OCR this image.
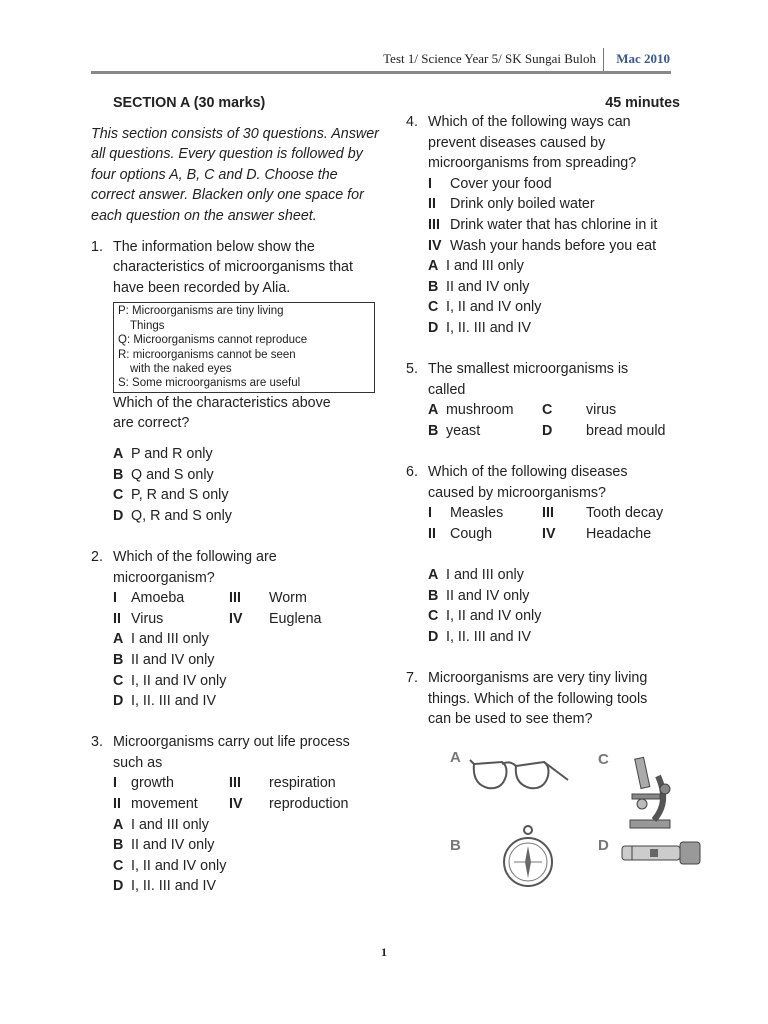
Test 1/ Science Year 5/ SK Sungai Buloh Mac 2010
SECTION A (30 marks)
This section consists of 30 questions. Answer all questions. Every question is followed by four options A, B, C and D. Choose the correct answer. Blacken only one space for each question on the answer sheet.
1. The information below show the characteristics of microorganisms that have been recorded by Alia.
P: Microorganisms are tiny living
Things
Q: Microorganisms cannot reproduce
R: microorganisms cannot be seen
with the naked eyes
S: Some microorganisms are useful
Which of the characteristics above are correct?
A P and R only
B Q and S only
C P, R and S only
D Q, R and S only
2. Which of the following are microorganism?
I Amoeba	III Worm
II Virus	IV Euglena
A I and III only
B II and IV only
C I, II and IV only
D I, II. III and IV
3. Microorganisms carry out life process such as
I growth	III respiration
II movement	IV reproduction
A I and III only
B II and IV only
C I, II and IV only
D I, II. III and IV
45 minutes
4. Which of the following ways can prevent diseases caused by microorganisms from spreading?
I	Cover your food
II Drink only boiled water
III Drink water that has chlorine in it
IV Wash your hands before you eat
A I and III only
B II and IV only
C I, II and IV only
D I, II. III and IV
5. The smallest microorganisms is called
A mushroom	C virus
B yeast	D bread mould
6. Which of the following diseases caused by microorganisms?
I Measles	III Tooth decay
II Cough	IV Headache
A I and III only
B II and IV only
C I, II and IV only
D I, II. III and IV
7. Microorganisms are very tiny living things. Which of the following tools can be used to see them?
A	C
B	D
1
